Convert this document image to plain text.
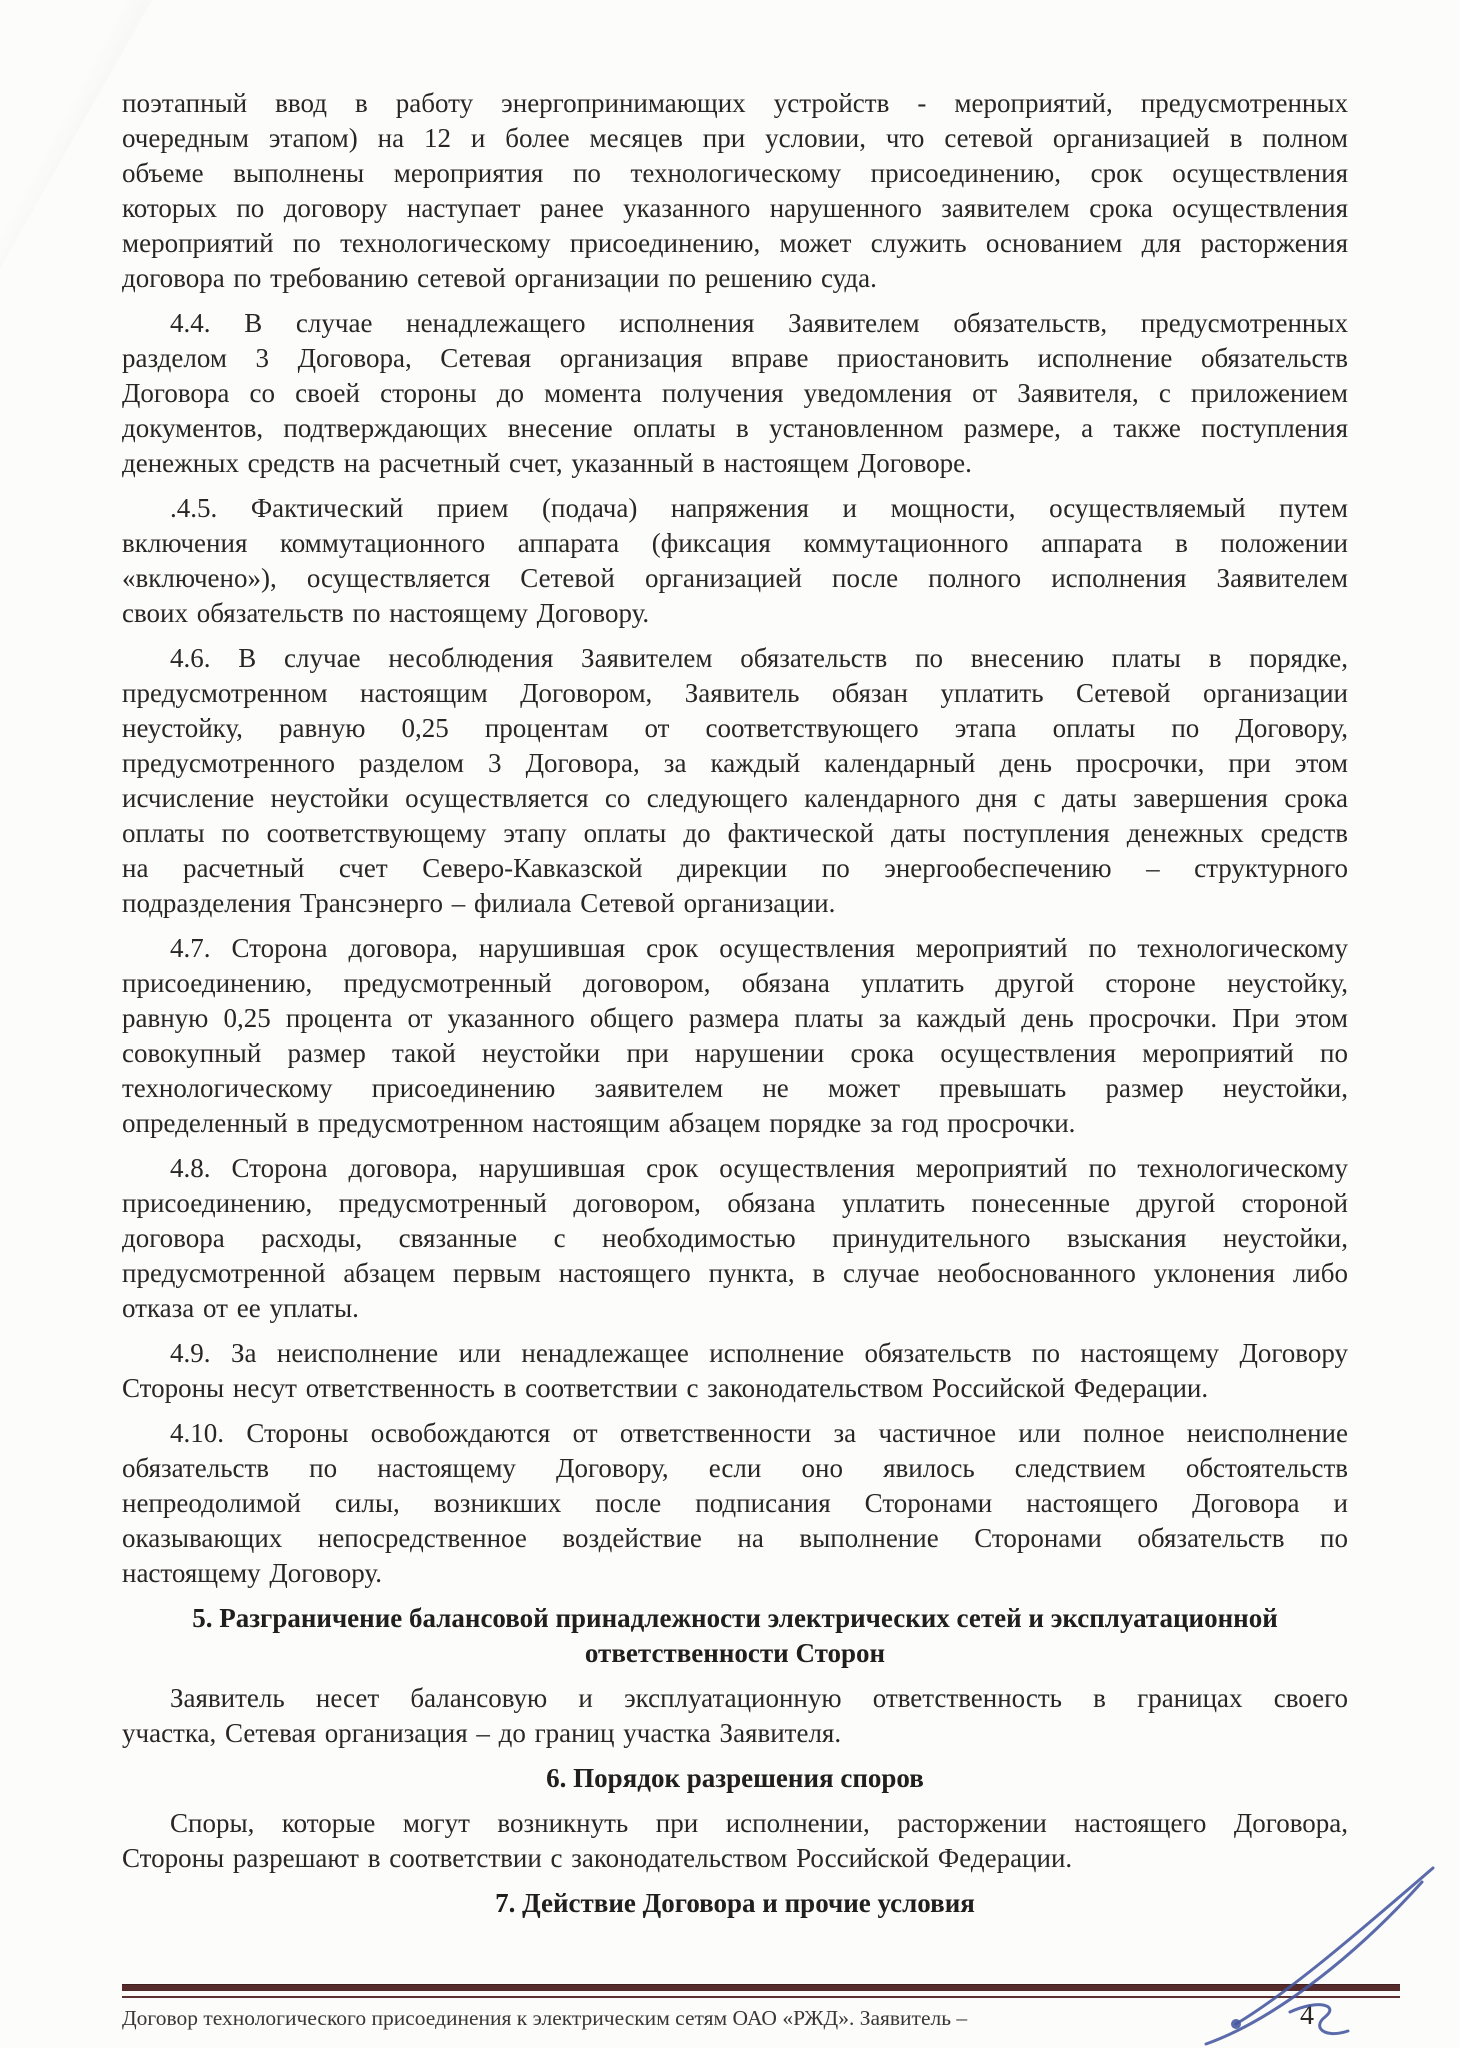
поэтапный ввод в работу энергопринимающих устройств - мероприятий, предусмотренных
очередным этапом) на 12 и более месяцев при условии, что сетевой организацией в полном
объеме выполнены мероприятия по технологическому присоединению, срок осуществления
которых по договору наступает ранее указанного нарушенного заявителем срока осуществления
мероприятий по технологическому присоединению, может служить основанием для расторжения
договора по требованию сетевой организации по решению суда.

4.4. В случае ненадлежащего исполнения Заявителем обязательств, предусмотренных
разделом 3 Договора, Сетевая организация вправе приостановить исполнение обязательств
Договора со своей стороны до момента получения уведомления от Заявителя, с приложением
документов, подтверждающих внесение оплаты в установленном размере, а также поступления
денежных средств на расчетный счет, указанный в настоящем Договоре.

.4.5. Фактический прием (подача) напряжения и мощности, осуществляемый путем
включения коммутационного аппарата (фиксация коммутационного аппарата в положении
«включено»), осуществляется Сетевой организацией после полного исполнения Заявителем
своих обязательств по настоящему Договору.

4.6. В случае несоблюдения Заявителем обязательств по внесению платы в порядке,
предусмотренном настоящим Договором, Заявитель обязан уплатить Сетевой организации
неустойку, равную 0,25 процентам от соответствующего этапа оплаты по Договору,
предусмотренного разделом 3 Договора, за каждый календарный день просрочки, при этом
исчисление неустойки осуществляется со следующего календарного дня с даты завершения срока
оплаты по соответствующему этапу оплаты до фактической даты поступления денежных средств
на расчетный счет Северо-Кавказской дирекции по энергообеспечению – структурного
подразделения Трансэнерго – филиала Сетевой организации.

4.7. Сторона договора, нарушившая срок осуществления мероприятий по технологическому
присоединению, предусмотренный договором, обязана уплатить другой стороне неустойку,
равную 0,25 процента от указанного общего размера платы за каждый день просрочки. При этом
совокупный размер такой неустойки при нарушении срока осуществления мероприятий по
технологическому присоединению заявителем не может превышать размер неустойки,
определенный в предусмотренном настоящим абзацем порядке за год просрочки.

4.8. Сторона договора, нарушившая срок осуществления мероприятий по технологическому
присоединению, предусмотренный договором, обязана уплатить понесенные другой стороной
договора расходы, связанные с необходимостью принудительного взыскания неустойки,
предусмотренной абзацем первым настоящего пункта, в случае необоснованного уклонения либо
отказа от ее уплаты.

4.9. За неисполнение или ненадлежащее исполнение обязательств по настоящему Договору
Стороны несут ответственность в соответствии с законодательством Российской Федерации.

4.10. Стороны освобождаются от ответственности за частичное или полное неисполнение
обязательств по настоящему Договору, если оно явилось следствием обстоятельств
непреодолимой силы, возникших после подписания Сторонами настоящего Договора и
оказывающих непосредственное воздействие на выполнение Сторонами обязательств по
настоящему Договору.

5. Разграничение балансовой принадлежности электрических сетей и эксплуатационной
ответственности Сторон

Заявитель несет балансовую и эксплуатационную ответственность в границах своего
участка, Сетевая организация – до границ участка Заявителя.

6. Порядок разрешения споров

Споры, которые могут возникнуть при исполнении, расторжении настоящего Договора,
Стороны разрешают в соответствии с законодательством Российской Федерации.

7. Действие Договора и прочие условия

Договор технологического присоединения к электрическим сетям ОАО «РЖД». Заявитель –	4
